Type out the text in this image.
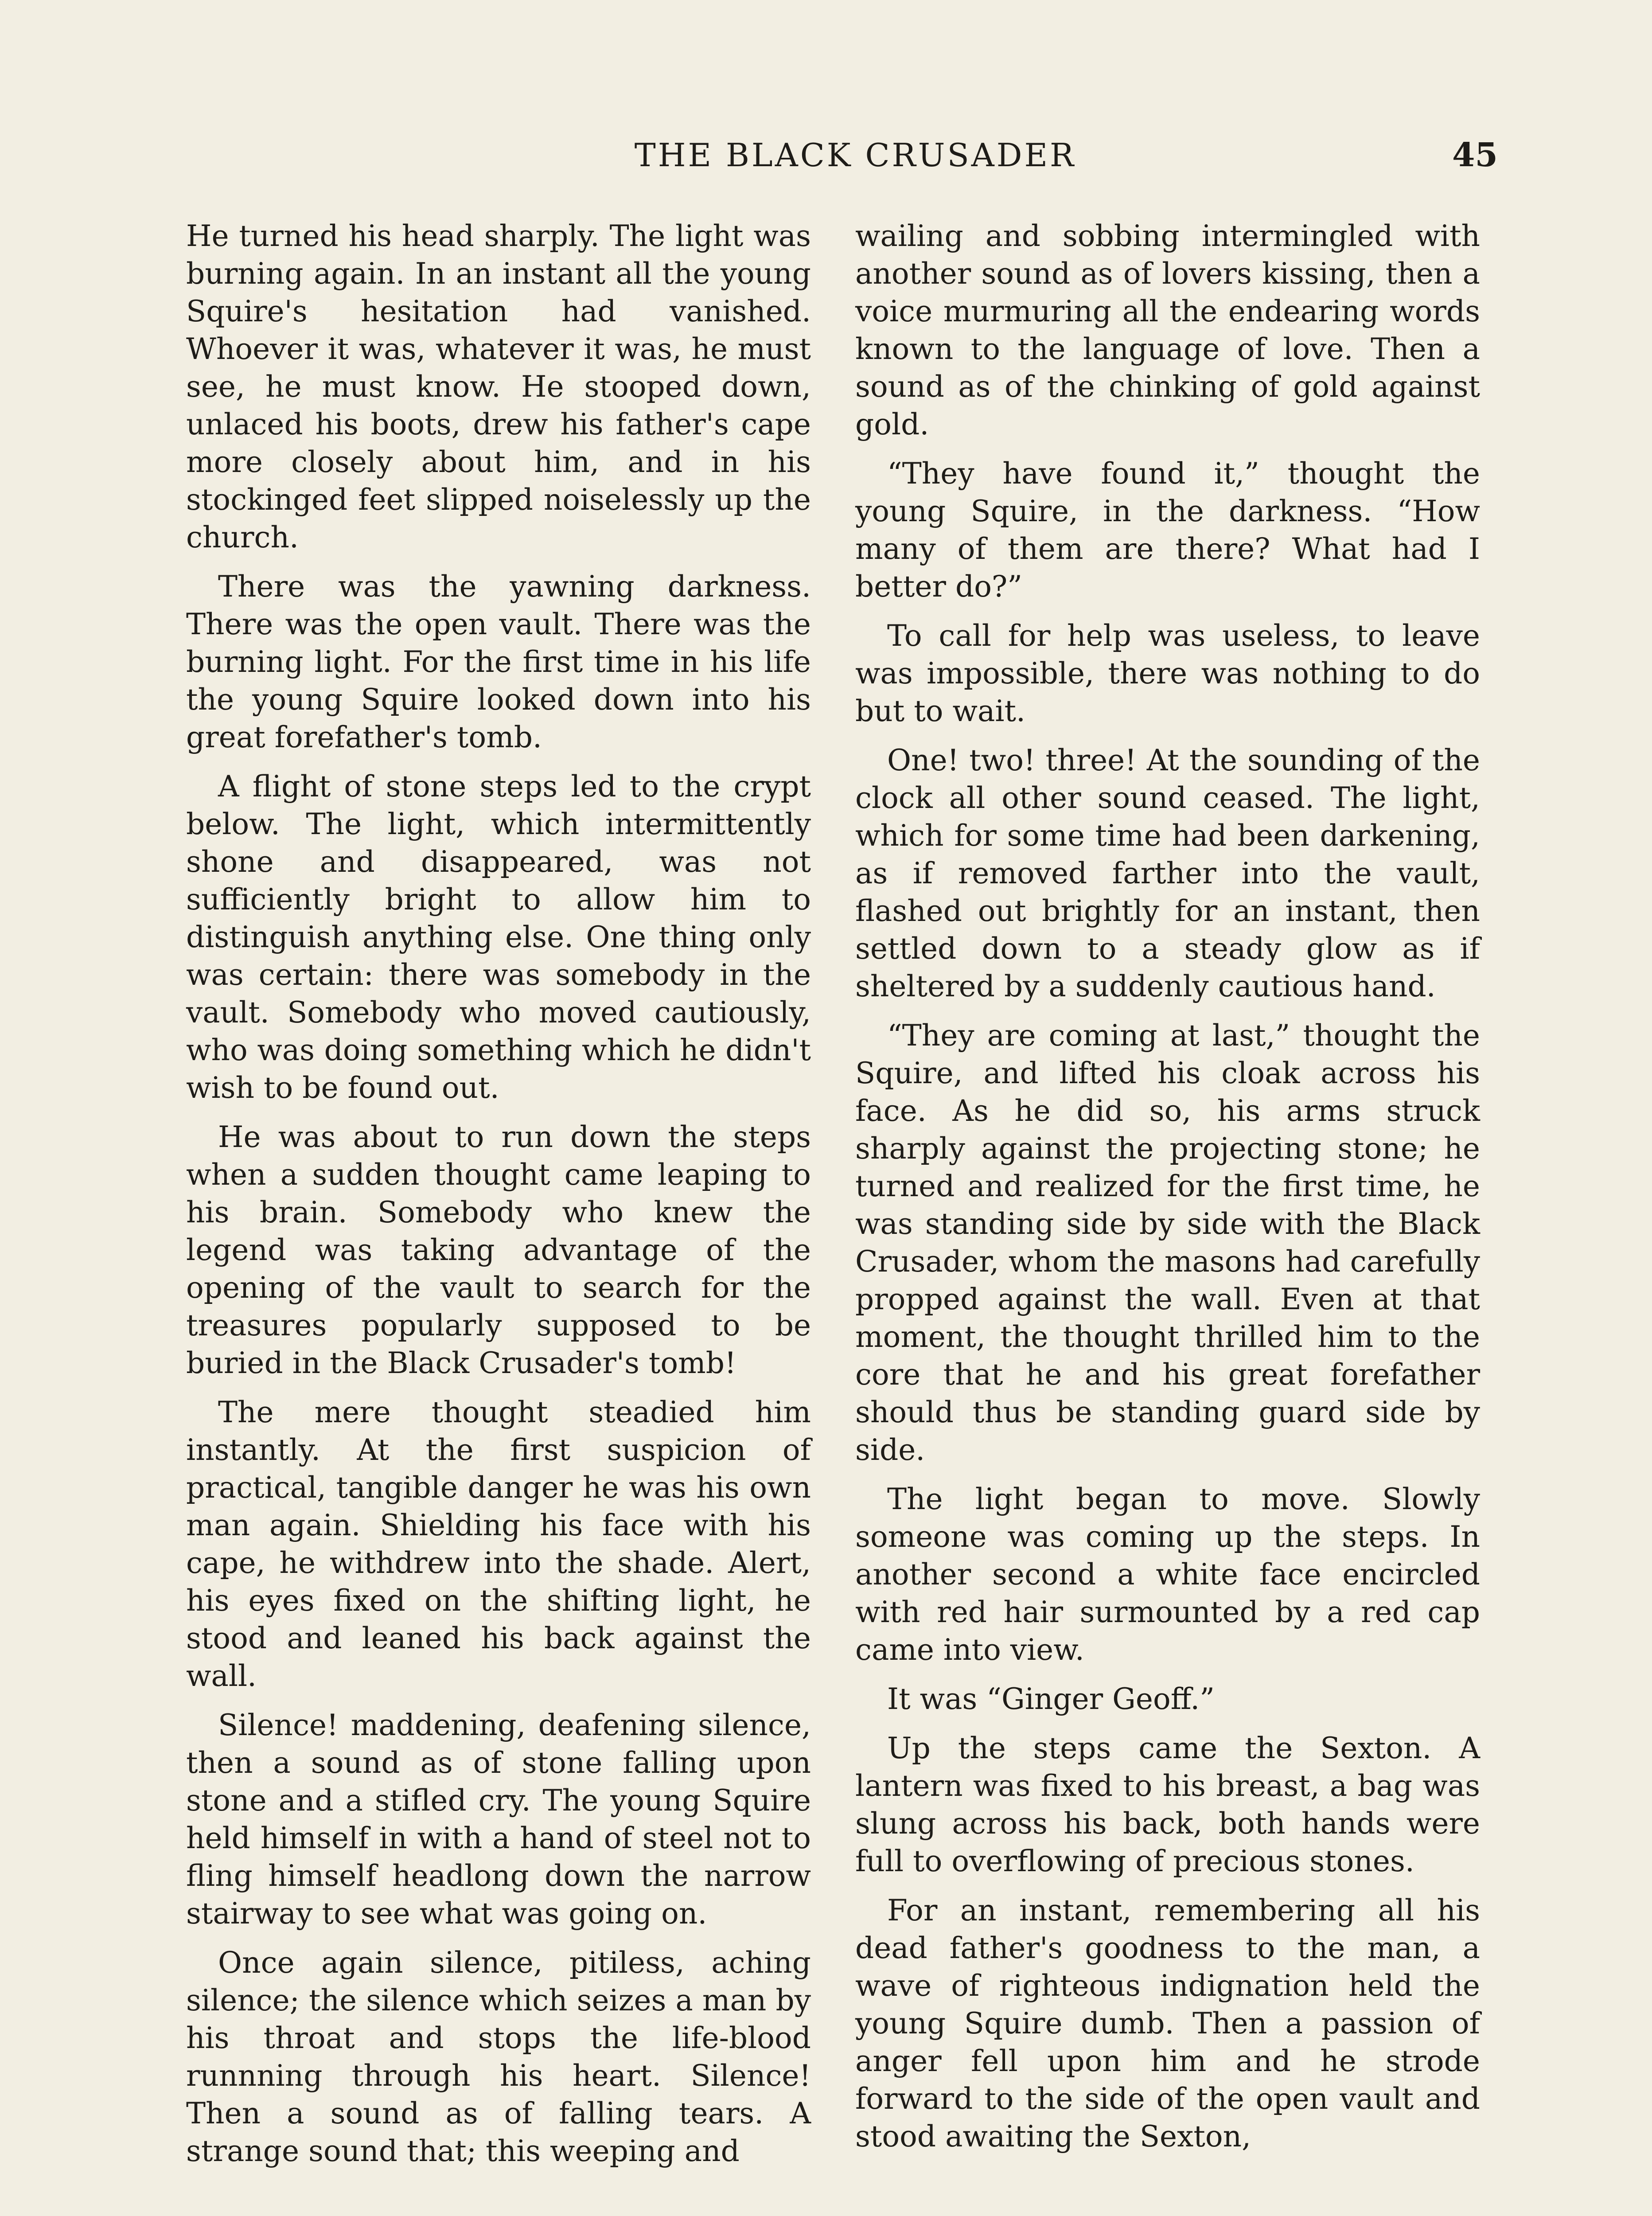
THE BLACK CRUSADER	45

He turned his head sharply. The light was burning again. In an instant all the young Squire's hesitation had vanished. Whoever it was, whatever it was, he must see, he must know. He stooped down, unlaced his boots, drew his father's cape more closely about him, and in his stockinged feet slipped noiselessly up the church.

There was the yawning darkness. There was the open vault. There was the burning light. For the first time in his life the young Squire looked down into his great forefather's tomb.

A flight of stone steps led to the crypt below. The light, which intermittently shone and disappeared, was not sufficiently bright to allow him to distinguish anything else. One thing only was certain: there was somebody in the vault. Somebody who moved cautiously, who was doing something which he didn't wish to be found out.

He was about to run down the steps when a sudden thought came leaping to his brain. Somebody who knew the legend was taking advantage of the opening of the vault to search for the treasures popularly supposed to be buried in the Black Crusader's tomb!

The mere thought steadied him instantly. At the first suspicion of practical, tangible danger he was his own man again. Shielding his face with his cape, he withdrew into the shade. Alert, his eyes fixed on the shifting light, he stood and leaned his back against the wall.

Silence! maddening, deafening silence, then a sound as of stone falling upon stone and a stifled cry. The young Squire held himself in with a hand of steel not to fling himself headlong down the narrow stairway to see what was going on.

Once again silence, pitiless, aching silence; the silence which seizes a man by his throat and stops the life-blood runnning through his heart. Silence! Then a sound as of falling tears. A strange sound that; this weeping and

wailing and sobbing intermingled with another sound as of lovers kissing, then a voice murmuring all the endearing words known to the language of love. Then a sound as of the chinking of gold against gold.

“They have found it,” thought the young Squire, in the darkness. “How many of them are there? What had I better do?”

To call for help was useless, to leave was impossible, there was nothing to do but to wait.

One! two! three! At the sounding of the clock all other sound ceased. The light, which for some time had been darkening, as if removed farther into the vault, flashed out brightly for an instant, then settled down to a steady glow as if sheltered by a suddenly cautious hand.

“They are coming at last,” thought the Squire, and lifted his cloak across his face. As he did so, his arms struck sharply against the projecting stone; he turned and realized for the first time, he was standing side by side with the Black Crusader, whom the masons had carefully propped against the wall. Even at that moment, the thought thrilled him to the core that he and his great forefather should thus be standing guard side by side.

The light began to move. Slowly someone was coming up the steps. In another second a white face encircled with red hair surmounted by a red cap came into view.

It was “Ginger Geoff.”

Up the steps came the Sexton. A lantern was fixed to his breast, a bag was slung across his back, both hands were full to overflowing of precious stones.

For an instant, remembering all his dead father's goodness to the man, a wave of righteous indignation held the young Squire dumb. Then a passion of anger fell upon him and he strode forward to the side of the open vault and stood awaiting the Sexton,
